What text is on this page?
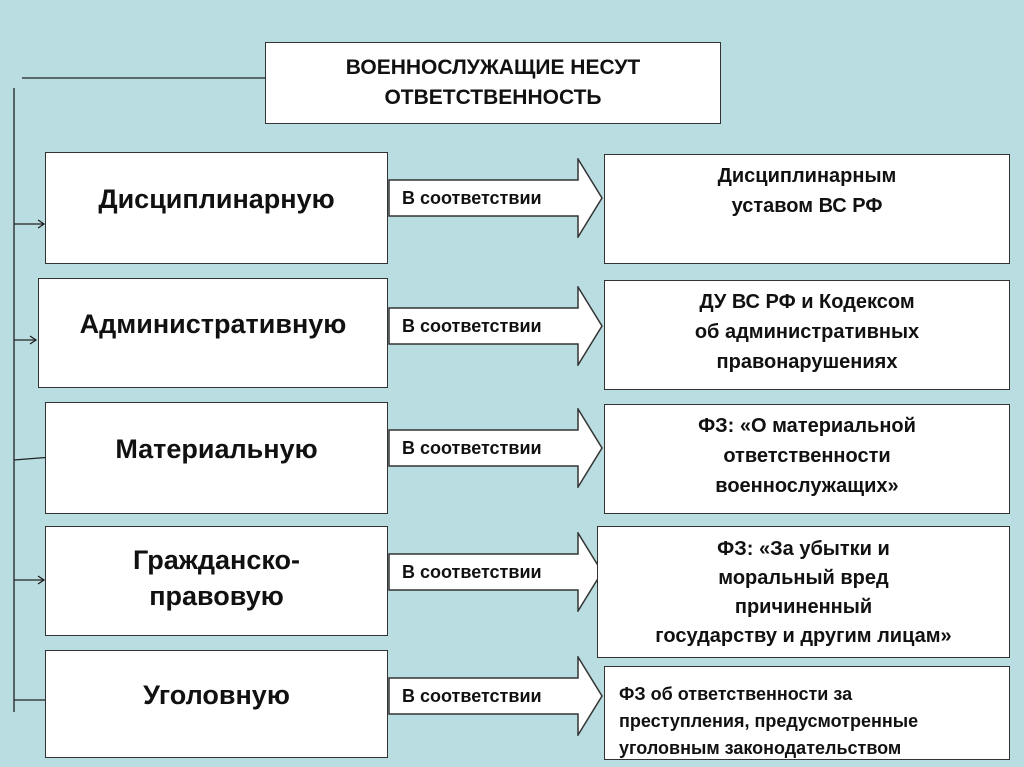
ВОЕННОСЛУЖАЩИЕ НЕСУТ
ОТВЕТСТВЕННОСТЬ
Дисциплинарную	В соответствии
Дисциплинарным
уставом ВС РФ
Административную	В соответствии
ДУ ВС РФ и Кодексом
об административных
правонарушениях
Материальную	В соответствии
ФЗ: «О материальной
ответственности
военнослужащих»
Гражданско-
правовую
В соответствии
ФЗ: «За убытки и
моральный вред
причиненный
государству и другим лицам»
Уголовную	В соответствии	ФЗ об ответственности за
преступления, предусмотренные
уголовным законодательством
